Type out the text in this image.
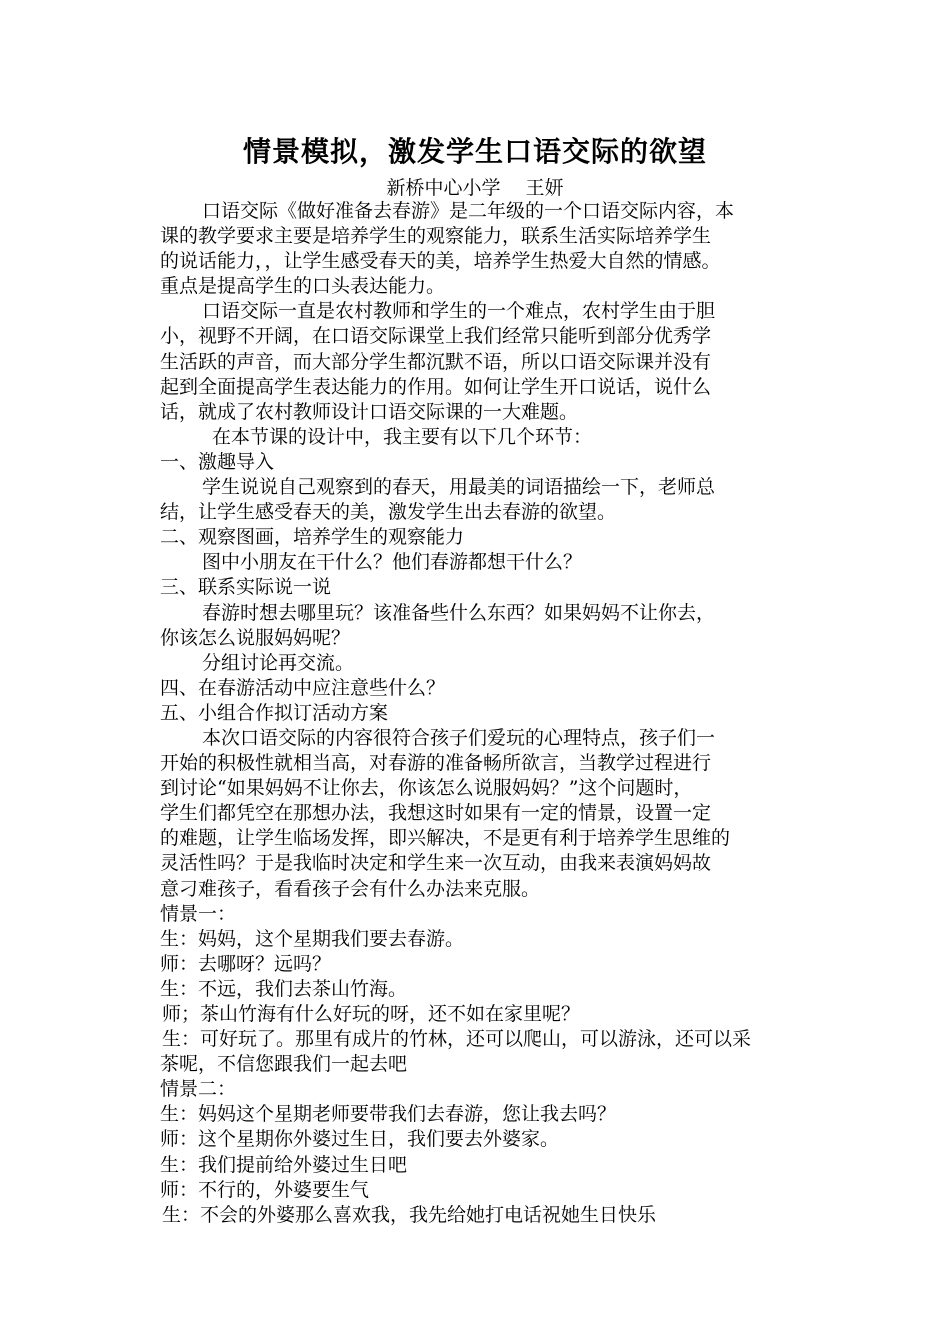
情景模拟，激发学生口语交际的欲望
新桥中心小学　 王妍
口语交际《做好准备去春游》是二年级的一个口语交际内容，本
课的教学要求主要是培养学生的观察能力，联系生活实际培养学生
的说话能力，，让学生感受春天的美，培养学生热爱大自然的情感。
重点是提高学生的口头表达能力。
口语交际一直是农村教师和学生的一个难点，农村学生由于胆
小，视野不开阔，在口语交际课堂上我们经常只能听到部分优秀学
生活跃的声音，而大部分学生都沉默不语，所以口语交际课并没有
起到全面提高学生表达能力的作用。如何让学生开口说话，说什么
话，就成了农村教师设计口语交际课的一大难题。
在本节课的设计中，我主要有以下几个环节：
一、激趣导入
学生说说自己观察到的春天，用最美的词语描绘一下，老师总
结，让学生感受春天的美，激发学生出去春游的欲望。
二、观察图画，培养学生的观察能力
图中小朋友在干什么？他们春游都想干什么？
三、联系实际说一说
春游时想去哪里玩？该准备些什么东西？如果妈妈不让你去，
你该怎么说服妈妈呢？
分组讨论再交流。
四、在春游活动中应注意些什么？
五、小组合作拟订活动方案
本次口语交际的内容很符合孩子们爱玩的心理特点，孩子们一
开始的积极性就相当高，对春游的准备畅所欲言，当教学过程进行
到讨论“如果妈妈不让你去，你该怎么说服妈妈？”这个问题时，
学生们都凭空在那想办法，我想这时如果有一定的情景，设置一定
的难题，让学生临场发挥，即兴解决，不是更有利于培养学生思维的
灵活性吗？于是我临时决定和学生来一次互动，由我来表演妈妈故
意刁难孩子，看看孩子会有什么办法来克服。
情景一：
生：妈妈，这个星期我们要去春游。
师：去哪呀？远吗？
生：不远，我们去茶山竹海。
师；茶山竹海有什么好玩的呀，还不如在家里呢？
生：可好玩了。那里有成片的竹林，还可以爬山，可以游泳，还可以采
茶呢，不信您跟我们一起去吧
情景二：
生：妈妈这个星期老师要带我们去春游，您让我去吗？
师：这个星期你外婆过生日，我们要去外婆家。
生：我们提前给外婆过生日吧
师：不行的，外婆要生气
生：不会的外婆那么喜欢我，我先给她打电话祝她生日快乐
